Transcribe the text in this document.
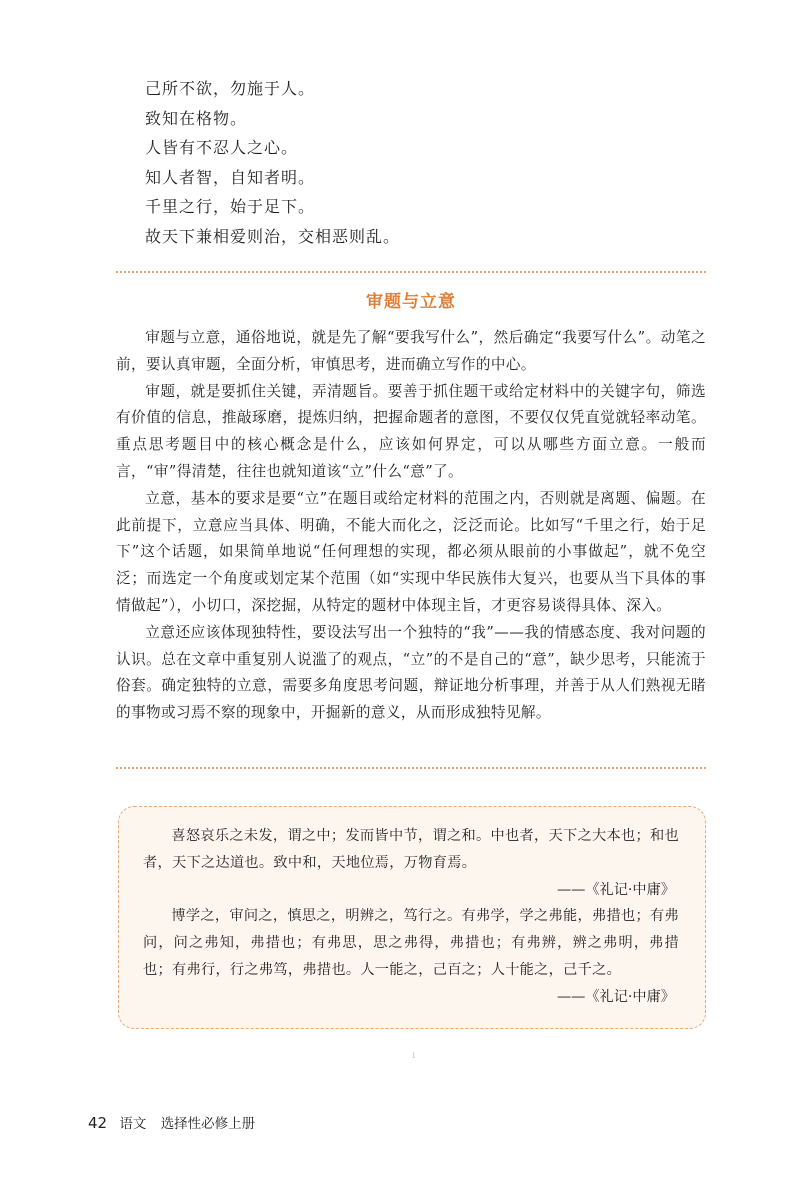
己所不欲，勿施于人。
致知在格物。
人皆有不忍人之心。
知人者智，自知者明。
千里之行，始于足下。
故天下兼相爱则治，交相恶则乱。
审题与立意

审题与立意，通俗地说，就是先了解“要我写什么”，然后确定“我要写什么”。动笔之前，要认真审题，全面分析，审慎思考，进而确立写作的中心。

审题，就是要抓住关键，弄清题旨。要善于抓住题干或给定材料中的关键字句，筛选有价值的信息，推敲琢磨，提炼归纳，把握命题者的意图，不要仅仅凭直觉就轻率动笔。重点思考题目中的核心概念是什么，应该如何界定，可以从哪些方面立意。一般而言，“审”得清楚，往往也就知道该“立”什么“意”了。

立意，基本的要求是要“立”在题目或给定材料的范围之内，否则就是离题、偏题。在此前提下，立意应当具体、明确，不能大而化之，泛泛而论。比如写“千里之行，始于足下”这个话题，如果简单地说“任何理想的实现，都必须从眼前的小事做起”，就不免空泛；而选定一个角度或划定某个范围（如“实现中华民族伟大复兴，也要从当下具体的事情做起”），小切口，深挖掘，从特定的题材中体现主旨，才更容易谈得具体、深入。

立意还应该体现独特性，要设法写出一个独特的“我”——我的情感态度、我对问题的认识。总在文章中重复别人说滥了的观点，“立”的不是自己的“意”，缺少思考，只能流于俗套。确定独特的立意，需要多角度思考问题，辩证地分析事理，并善于从人们熟视无睹的事物或习焉不察的现象中，开掘新的意义，从而形成独特见解。

喜怒哀乐之未发，谓之中；发而皆中节，谓之和。中也者，天下之大本也；和也者，天下之达道也。致中和，天地位焉，万物育焉。

——《礼记·中庸》

博学之，审问之，慎思之，明辨之，笃行之。有弗学，学之弗能，弗措也；有弗问，问之弗知，弗措也；有弗思，思之弗得，弗措也；有弗辨，辨之弗明，弗措也；有弗行，行之弗笃，弗措也。人一能之，己百之；人十能之，己千之。

——《礼记·中庸》
ı
42 语文 选择性必修上册
